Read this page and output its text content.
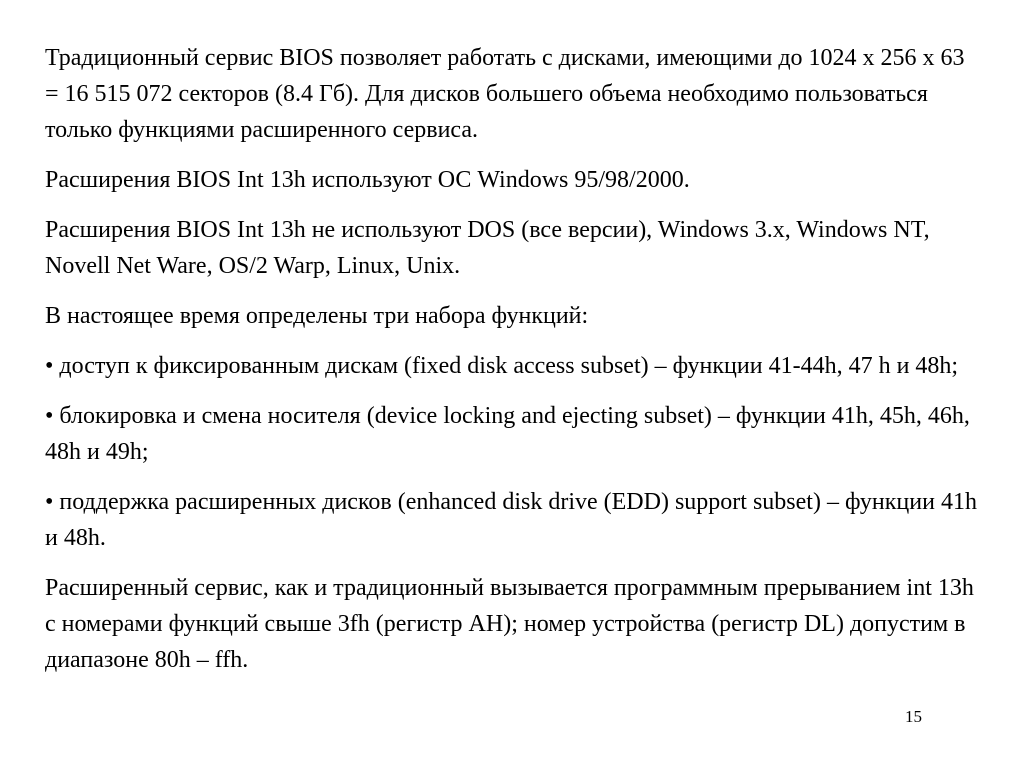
Традиционный сервис BIOS позволяет работать с дисками, имеющими до 1024 х 256 х 63 = 16 515 072 секторов (8.4 Гб). Для дисков большего объема необходимо пользоваться только функциями расширенного сервиса.

Расширения BIOS Int 13h используют ОС Windows 95/98/2000.

Расширения BIOS Int 13h не используют DOS (все версии), Windows 3.x, Windows NT, Novell Net Ware, OS/2 Warp, Linux, Unix.

В настоящее время определены три набора функций:

• доступ к фиксированным дискам (fixed disk access subset) – функции 41-44h, 47 h и 48h;

• блокировка и смена носителя (device locking and ejecting subset) – функции 41h, 45h, 46h, 48h и 49h;

• поддержка расширенных дисков (enhanced disk drive (EDD) support subset) – функции 41h и 48h.

Расширенный сервис, как и традиционный вызывается программным прерыванием int 13h с номерами функций свыше 3fh (регистр АН); номер устройства (регистр DL) допустим в диапазоне 80h – ffh.

15
